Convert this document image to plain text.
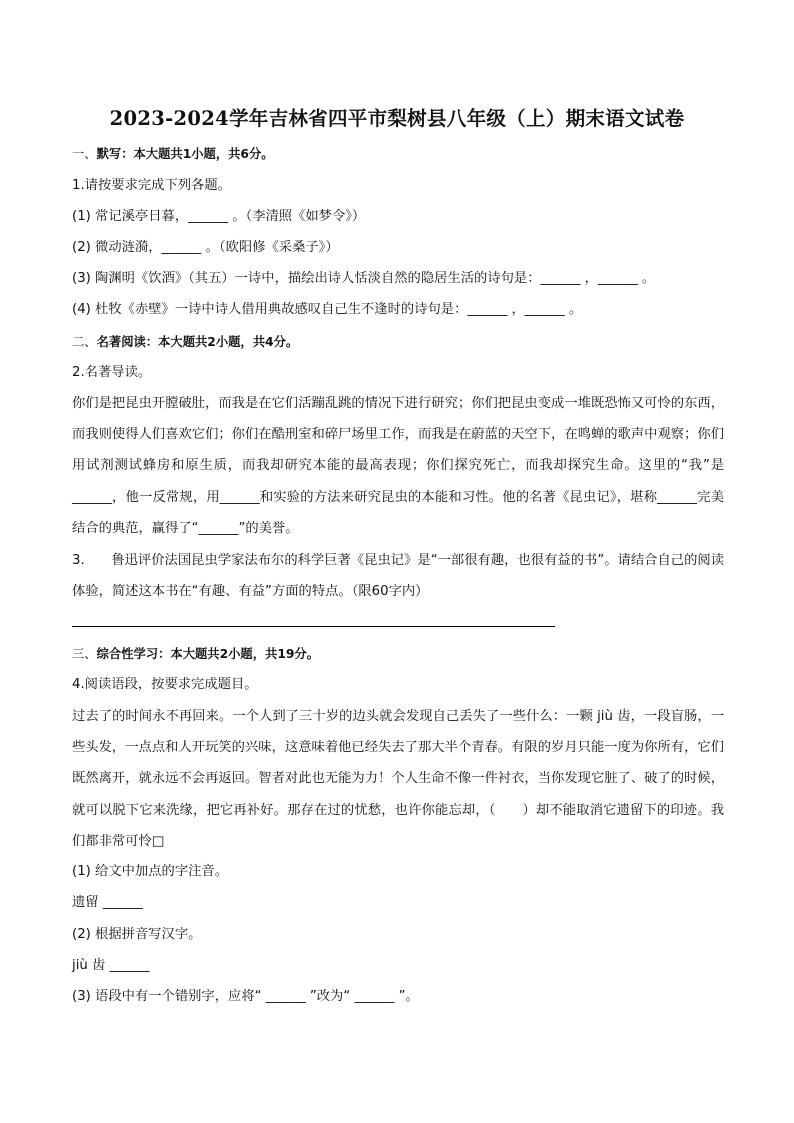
2023-2024学年吉林省四平市梨树县八年级（上）期末语文试卷
一、默写：本大题共1小题，共6分。
1.请按要求完成下列各题。
(1) 常记溪亭日暮，______ 。（李清照《如梦令》）
(2) 微动涟漪，______ 。（欧阳修《采桑子》）
(3) 陶渊明《饮酒》（其五）一诗中，描绘出诗人恬淡自然的隐居生活的诗句是：______ ，______ 。
(4) 杜牧《赤壁》一诗中诗人借用典故感叹自己生不逢时的诗句是：______ ，______ 。
二、名著阅读：本大题共2小题，共4分。
2.名著导读。
你们是把昆虫开膛破肚，而我是在它们活蹦乱跳的情况下进行研究；你们把昆虫变成一堆既恐怖又可怜的东西，而我则使得人们喜欢它们；你们在酷刑室和碎尸场里工作，而我是在蔚蓝的天空下，在鸣蝉的歌声中观察；你们用试剂测试蜂房和原生质，而我却研究本能的最高表现；你们探究死亡，而我却探究生命。这里的“我”是______，他一反常规，用______和实验的方法来研究昆虫的本能和习性。他的名著《昆虫记》，堪称______完美结合的典范，赢得了“______”的美誉。
3.　　鲁迅评价法国昆虫学家法布尔的科学巨著《昆虫记》是“一部很有趣，也很有益的书”。请结合自己的阅读体验，简述这本书在“有趣、有益”方面的特点。（限60字内）
三、综合性学习：本大题共2小题，共19分。
4.阅读语段，按要求完成题目。
过去了的时间永不再回来。一个人到了三十岁的边头就会发现自己丢失了一些什么：一颗 jiù 齿，一段盲肠，一些头发，一点点和人开玩笑的兴味，这意味着他已经失去了那大半个青春。有限的岁月只能一度为你所有，它们既然离开，就永远不会再返回。智者对此也无能为力！个人生命不像一件衬衣，当你发现它脏了、破了的时候，就可以脱下它来洗缘，把它再补好。那存在过的忧愁，也许你能忘却，（　　）却不能取消它遗留下的印迹。我们都非常可怜□
(1) 给文中加点的字注音。
遗留 ______
(2) 根据拼音写汉字。
jiù 齿 ______
(3) 语段中有一个错别字，应将“ ______ ”改为“ ______ ”。
